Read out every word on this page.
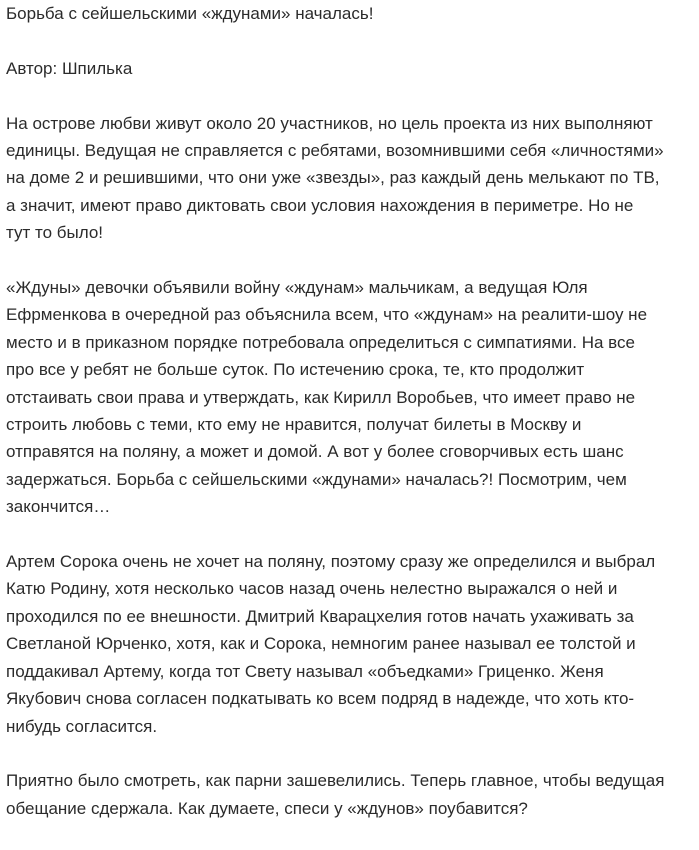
Борьба с сейшельскими «ждунами» началась!

Автор: Шпилька

На острове любви живут около 20 участников, но цель проекта из них выполняют
единицы. Ведущая не справляется с ребятами, возомнившими себя «личностями»
на доме 2 и решившими, что они уже «звезды», раз каждый день мелькают по ТВ,
а значит, имеют право диктовать свои условия нахождения в периметре. Но не
тут то было!

«Ждуны» девочки объявили войну «ждунам» мальчикам, а ведущая Юля
Ефрменкова в очередной раз объяснила всем, что «ждунам» на реалити-шоу не
место и в приказном порядке потребовала определиться с симпатиями. На все
про все у ребят не больше суток. По истечению срока, те, кто продолжит
отстаивать свои права и утверждать, как Кирилл Воробьев, что имеет право не
строить любовь с теми, кто ему не нравится, получат билеты в Москву и
отправятся на поляну, а может и домой. А вот у более сговорчивых есть шанс
задержаться. Борьба с сейшельскими «ждунами» началась?! Посмотрим, чем
закончится…

Артем Сорока очень не хочет на поляну, поэтому сразу же определился и выбрал
Катю Родину, хотя несколько часов назад очень нелестно выражался о ней и
проходился по ее внешности. Дмитрий Кварацхелия готов начать ухаживать за
Светланой Юрченко, хотя, как и Сорока, немногим ранее называл ее толстой и
поддакивал Артему, когда тот Свету называл «объедками» Гриценко. Женя
Якубович снова согласен подкатывать ко всем подряд в надежде, что хоть кто-
нибудь согласится.

Приятно было смотреть, как парни зашевелились. Теперь главное, чтобы ведущая
обещание сдержала. Как думаете, спеси у «ждунов» поубавится?
